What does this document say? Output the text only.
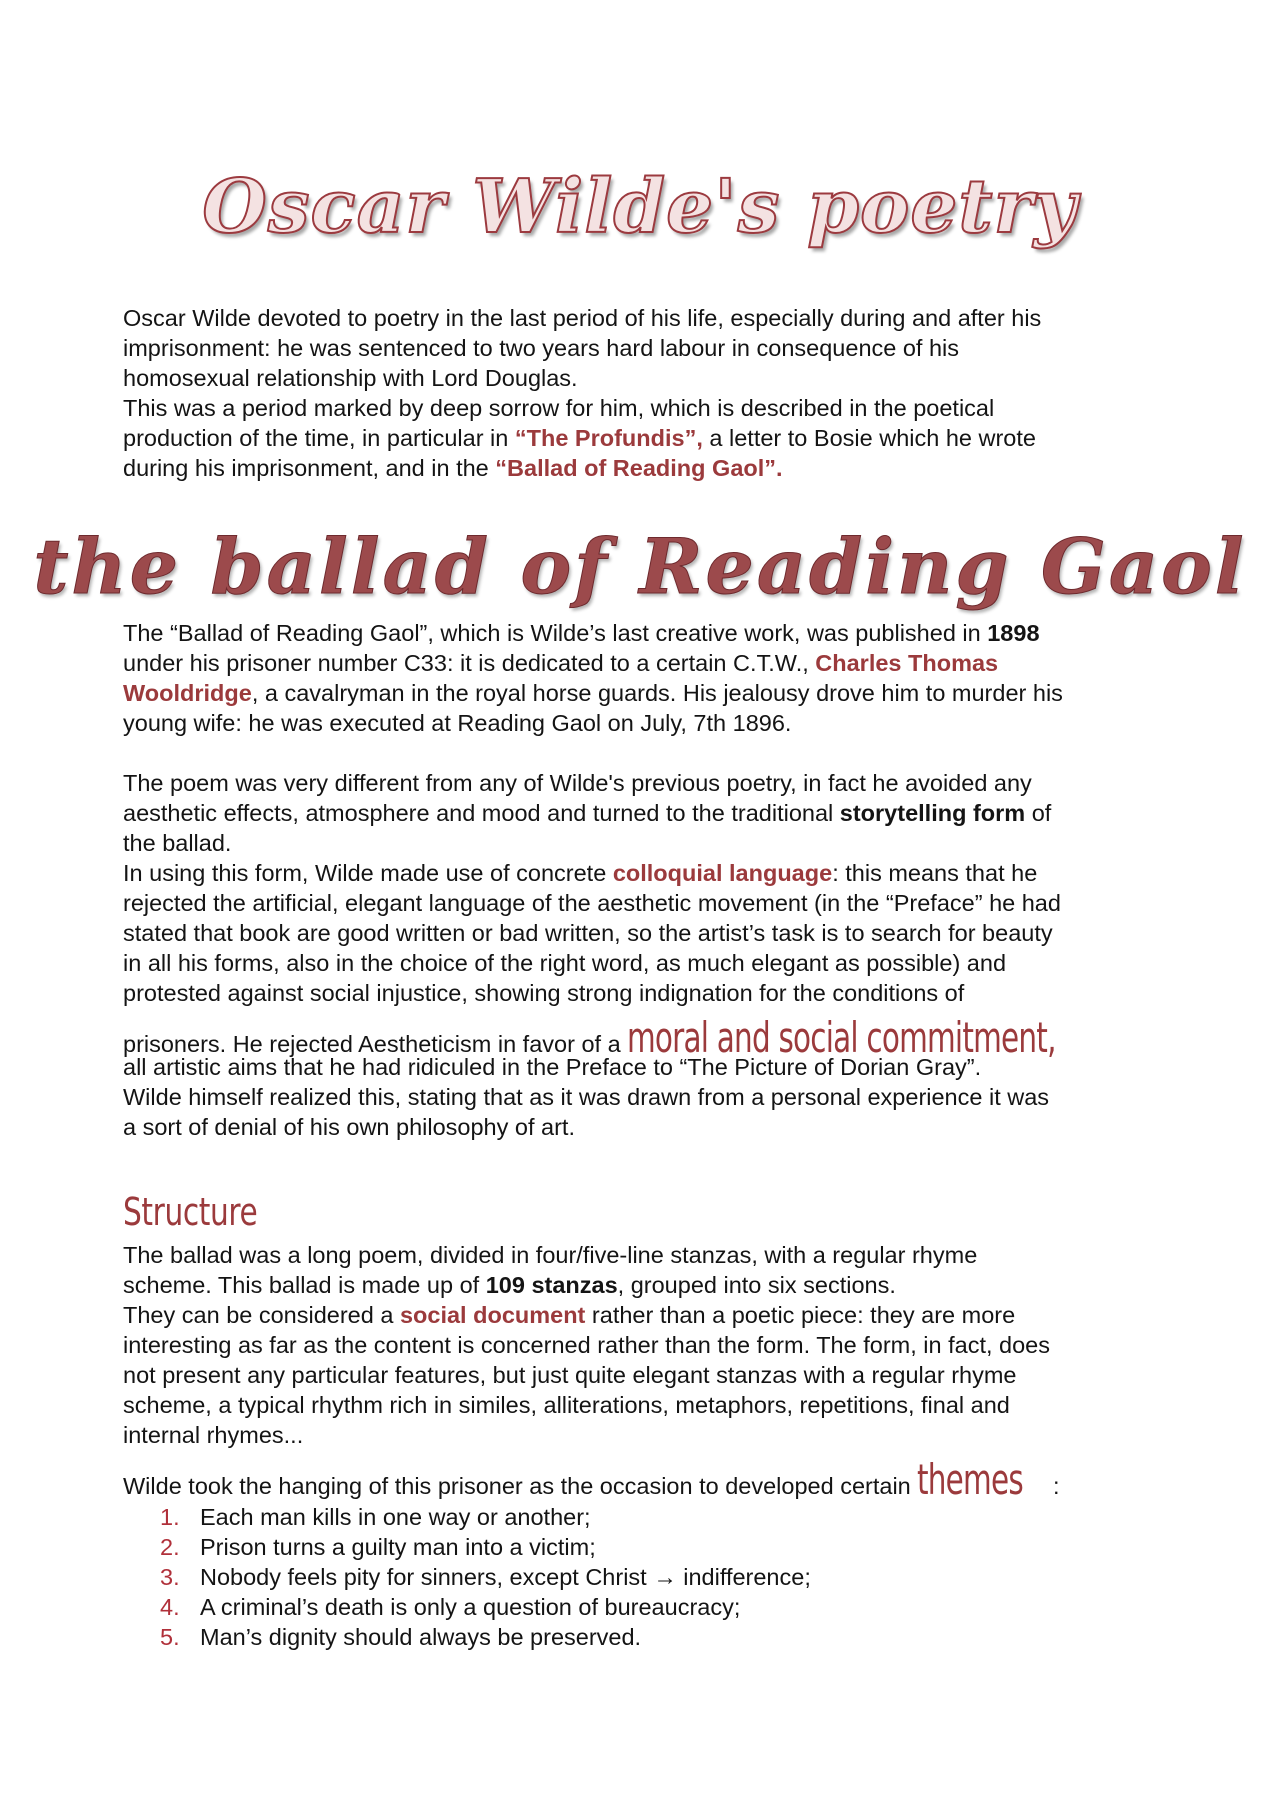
Oscar Wilde's poetry

Oscar Wilde devoted to poetry in the last period of his life, especially during and after his
imprisonment: he was sentenced to two years hard labour in consequence of his
homosexual relationship with Lord Douglas.
This was a period marked by deep sorrow for him, which is described in the poetical
production of the time, in particular in “The Profundis”, a letter to Bosie which he wrote
during his imprisonment, and in the “Ballad of Reading Gaol”.

the ballad of Reading Gaol

The “Ballad of Reading Gaol”, which is Wilde’s last creative work, was published in 1898
under his prisoner number C33: it is dedicated to a certain C.T.W., Charles Thomas
Wooldridge, a cavalryman in the royal horse guards. His jealousy drove him to murder his
young wife: he was executed at Reading Gaol on July, 7th 1896.

The poem was very different from any of Wilde's previous poetry, in fact he avoided any
aesthetic effects, atmosphere and mood and turned to the traditional storytelling form of
the ballad.
In using this form, Wilde made use of concrete colloquial language: this means that he
rejected the artificial, elegant language of the aesthetic movement (in the “Preface” he had
stated that book are good written or bad written, so the artist’s task is to search for beauty
in all his forms, also in the choice of the right word, as much elegant as possible) and
protested against social injustice, showing strong indignation for the conditions of
prisoners. He rejected Aestheticism in favor of a moral and social commitment,
all artistic aims that he had ridiculed in the Preface to “The Picture of Dorian Gray”.
Wilde himself realized this, stating that as it was drawn from a personal experience it was
a sort of denial of his own philosophy of art.

Structure

The ballad was a long poem, divided in four/five-line stanzas, with a regular rhyme
scheme. This ballad is made up of 109 stanzas, grouped into six sections.
They can be considered a social document rather than a poetic piece: they are more
interesting as far as the content is concerned rather than the form. The form, in fact, does
not present any particular features, but just quite elegant stanzas with a regular rhyme
scheme, a typical rhythm rich in similes, alliterations, metaphors, repetitions, final and
internal rhymes...

Wilde took the hanging of this prisoner as the occasion to developed certain themes :

1. Each man kills in one way or another;
2. Prison turns a guilty man into a victim;
3. Nobody feels pity for sinners, except Christ → indifference;
4. A criminal’s death is only a question of bureaucracy;
5. Man’s dignity should always be preserved.
